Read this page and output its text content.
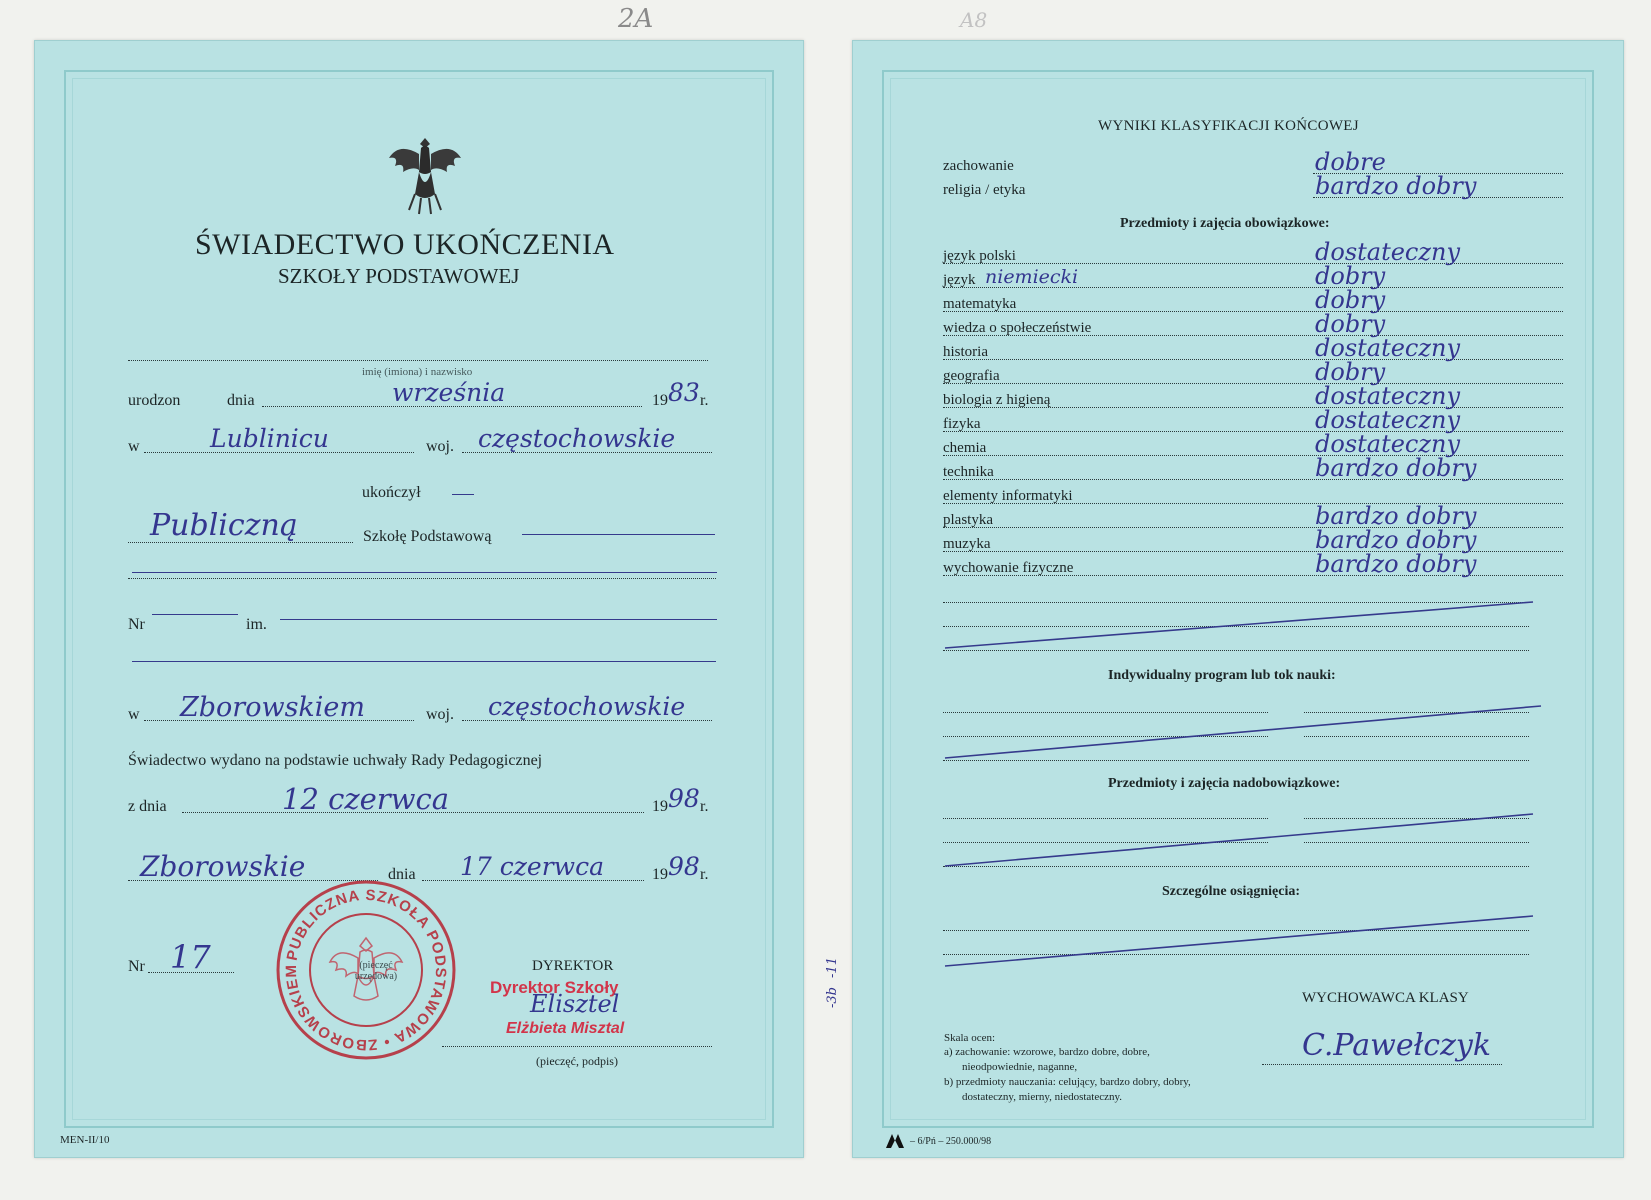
2A	A8
ŚWIADECTWO UKOŃCZENIA
SZKOŁY PODSTAWOWEJ
imię (imiona) i nazwisko
urodzon	dnia	września	19 83 r.
w	Lublinicu	woj. częstochowskie
ukończył
Publiczną	Szkołę Podstawową
Nr	im.
w Zborowskiem	woj. częstochowskie
Świadectwo wydano na podstawie uchwały Rady Pedagogicznej
z dnia	12 czerwca	19 98 r.
Zborowskie	dnia 17 czerwca	19 98 r.
Nr 17	PUBLICZNA SZKOŁA PODSTAWOWA • ZBOROWSKIEM	(pieczęć urzędowa)
DYREKTOR
Dyrektor Szkoły
Elisztel
Elżbieta Misztal
(pieczęć, podpis)
MEN-II/10
-11
-3b
WYNIKI KLASYFIKACJI KOŃCOWEJ
zachowanie	dobre
religia / etyka	bardzo dobry
Przedmioty i zajęcia obowiązkowe:
język polski	dostateczny
język niemiecki	dobry
matematyka	dobry
wiedza o społeczeństwie	dobry
historia	dostateczny
geografia	dobry
biologia z higieną	dostateczny
fizyka	dostateczny
chemia	dostateczny
technika	bardzo dobry
elementy informatyki
plastyka	bardzo dobry
muzyka	bardzo dobry
wychowanie fizyczne	bardzo dobry
Indywidualny program lub tok nauki:
Przedmioty i zajęcia nadobowiązkowe:
Szczególne osiągnięcia:
WYCHOWAWCA KLASY
C.Pawełczyk
Skala ocen:
a) zachowanie: wzorowe, bardzo dobre, dobre,
nieodpowiednie, naganne,
b) przedmioty nauczania: celujący, bardzo dobry, dobry,
dostateczny, mierny, niedostateczny.
– 6/Pń – 250.000/98
